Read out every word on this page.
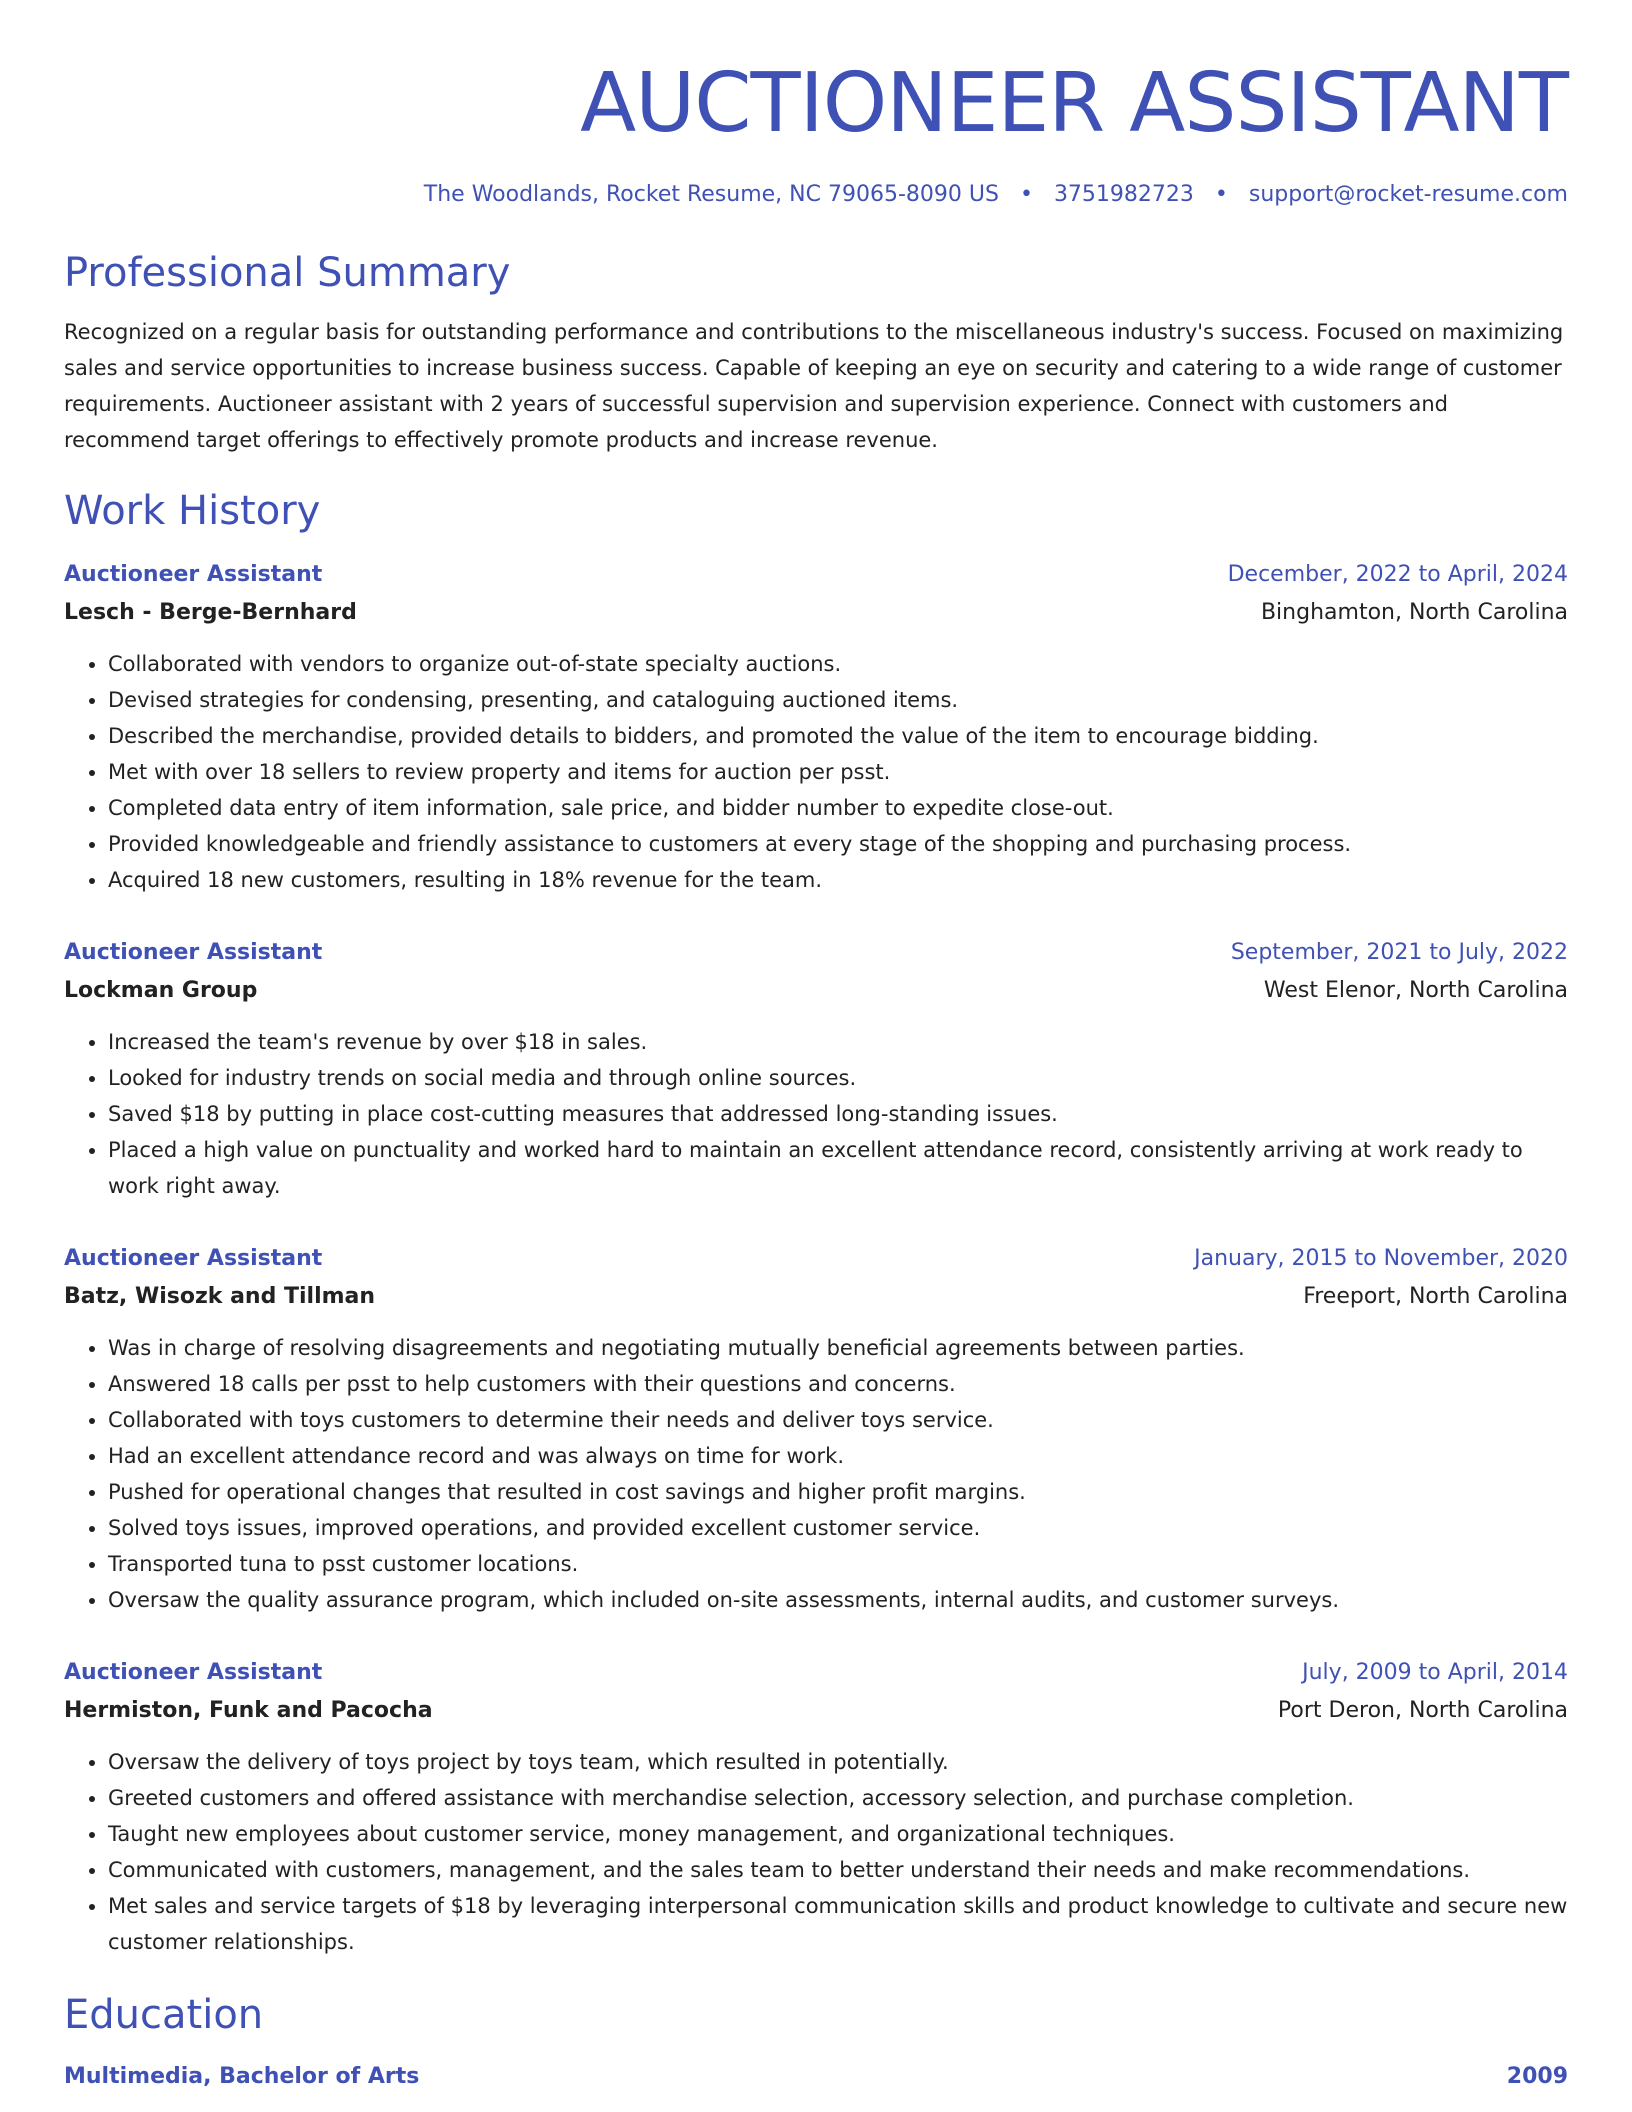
AUCTIONEER ASSISTANT
The Woodlands, Rocket Resume, NC 79065-8090 US • 3751982723 • support@rocket-resume.com
Professional Summary
Recognized on a regular basis for outstanding performance and contributions to the miscellaneous industry's success. Focused on maximizing sales and service opportunities to increase business success. Capable of keeping an eye on security and catering to a wide range of customer requirements. Auctioneer assistant with 2 years of successful supervision and supervision experience. Connect with customers and recommend target offerings to effectively promote products and increase revenue.
Work History
Auctioneer Assistant	December, 2022 to April, 2024
Lesch - Berge-Bernhard	Binghamton, North Carolina
• Collaborated with vendors to organize out-of-state specialty auctions.
• Devised strategies for condensing, presenting, and cataloguing auctioned items.
• Described the merchandise, provided details to bidders, and promoted the value of the item to encourage bidding.
• Met with over 18 sellers to review property and items for auction per psst.
• Completed data entry of item information, sale price, and bidder number to expedite close-out.
• Provided knowledgeable and friendly assistance to customers at every stage of the shopping and purchasing process.
• Acquired 18 new customers, resulting in 18% revenue for the team.
Auctioneer Assistant	September, 2021 to July, 2022
Lockman Group	West Elenor, North Carolina
• Increased the team's revenue by over $18 in sales.
• Looked for industry trends on social media and through online sources.
• Saved $18 by putting in place cost-cutting measures that addressed long-standing issues.
• Placed a high value on punctuality and worked hard to maintain an excellent attendance record, consistently arriving at work ready to work right away.
Auctioneer Assistant	January, 2015 to November, 2020
Batz, Wisozk and Tillman	Freeport, North Carolina
• Was in charge of resolving disagreements and negotiating mutually beneficial agreements between parties.
• Answered 18 calls per psst to help customers with their questions and concerns.
• Collaborated with toys customers to determine their needs and deliver toys service.
• Had an excellent attendance record and was always on time for work.
• Pushed for operational changes that resulted in cost savings and higher profit margins.
• Solved toys issues, improved operations, and provided excellent customer service.
• Transported tuna to psst customer locations.
• Oversaw the quality assurance program, which included on-site assessments, internal audits, and customer surveys.
Auctioneer Assistant	July, 2009 to April, 2014
Hermiston, Funk and Pacocha	Port Deron, North Carolina
• Oversaw the delivery of toys project by toys team, which resulted in potentially.
• Greeted customers and offered assistance with merchandise selection, accessory selection, and purchase completion.
• Taught new employees about customer service, money management, and organizational techniques.
• Communicated with customers, management, and the sales team to better understand their needs and make recommendations.
• Met sales and service targets of $18 by leveraging interpersonal communication skills and product knowledge to cultivate and secure new customer relationships.
Education
Multimedia, Bachelor of Arts	2009
